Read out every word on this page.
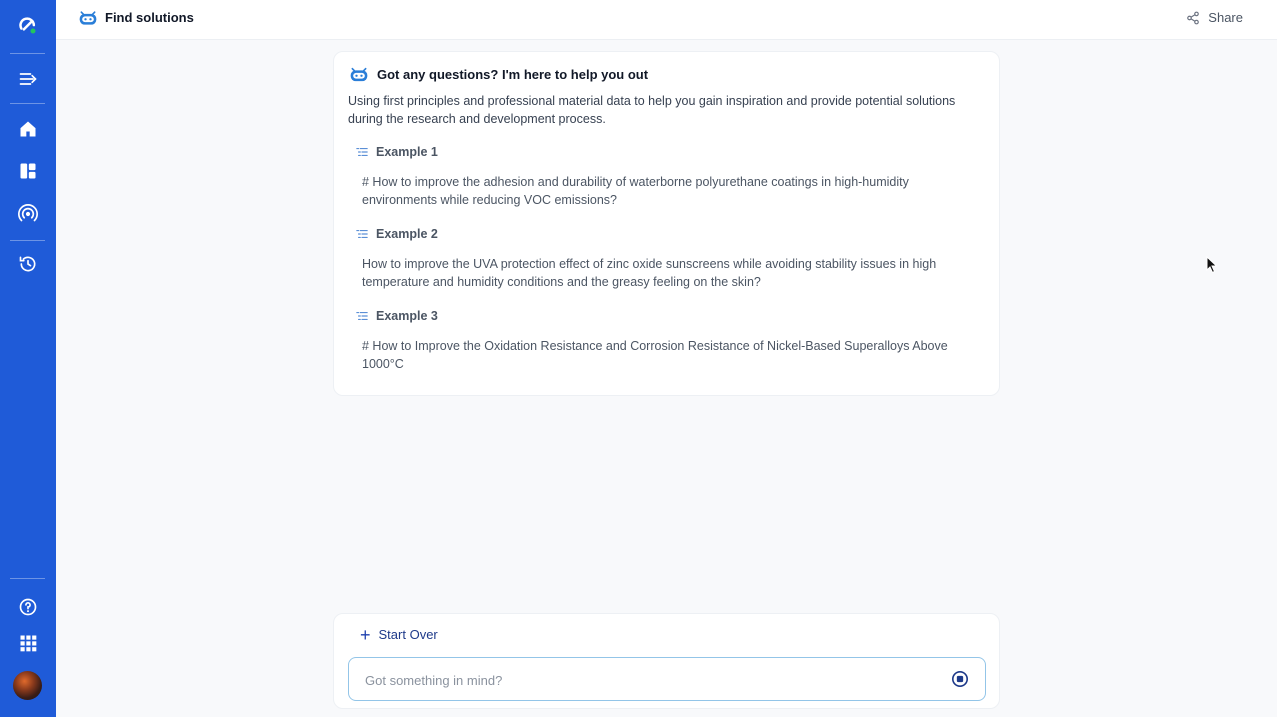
Find solutions	Share
Got any questions? I'm here to help you out
Using first principles and professional material data to help you gain inspiration and provide potential solutions during the research and development process.
Example 1
# How to improve the adhesion and durability of waterborne polyurethane coatings in high-humidity environments while reducing VOC emissions?
Example 2
How to improve the UVA protection effect of zinc oxide sunscreens while avoiding stability issues in high temperature and humidity conditions and the greasy feeling on the skin?
Example 3
# How to Improve the Oxidation Resistance and Corrosion Resistance of Nickel-Based Superalloys Above 1000°C
+ Start Over
Got something in mind?
